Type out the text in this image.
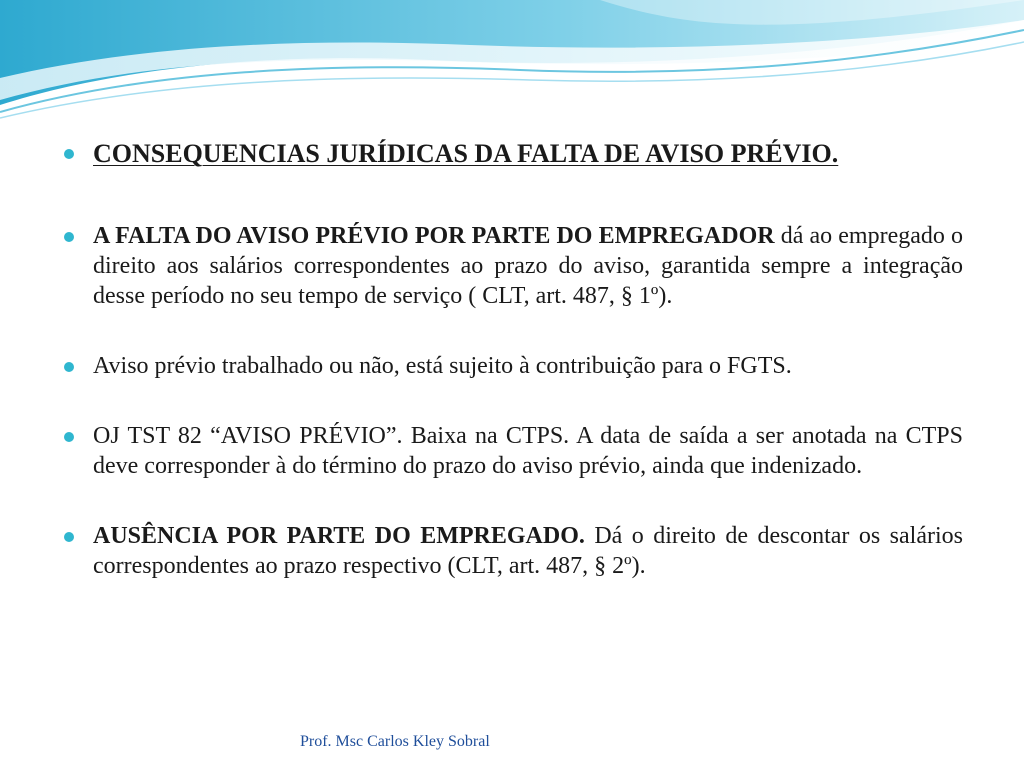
CONSEQUENCIAS JURÍDICAS DA FALTA DE AVISO PRÉVIO.

A FALTA DO AVISO PRÉVIO POR PARTE DO EMPREGADOR dá ao empregado o direito aos salários correspondentes ao prazo do aviso, garantida sempre a integração desse período no seu tempo de serviço ( CLT, art. 487, § 1º).

Aviso prévio trabalhado ou não, está sujeito à contribuição para o FGTS.

OJ TST 82 “AVISO PRÉVIO”. Baixa na CTPS. A data de saída a ser anotada na CTPS deve corresponder à do término do prazo do aviso prévio, ainda que indenizado.

AUSÊNCIA POR PARTE DO EMPREGADO. Dá o direito de descontar os salários correspondentes ao prazo respectivo (CLT, art. 487, § 2º).

Prof. Msc Carlos Kley Sobral
